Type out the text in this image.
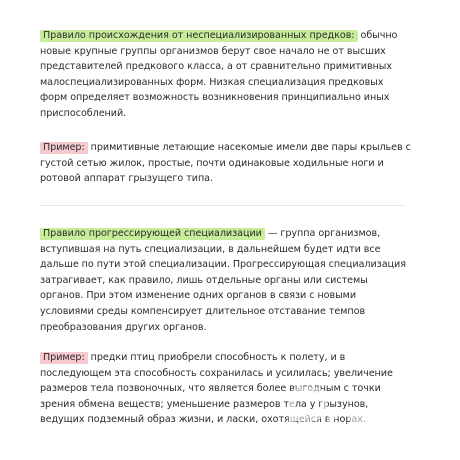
Правило происхождения от неспециализированных предков: обычно новые крупные группы организмов берут свое начало не от высших представителей предкового класса, а от сравнительно примитивных малоспециализированных форм. Низкая специализация предковых форм определяет возможность возникновения принципиально иных приспособлений.

Пример: примитивные летающие насекомые имели две пары крыльев с густой сетью жилок, простые, почти одинаковые ходильные ноги и ротовой аппарат грызущего типа.

Правило прогрессирующей специализации — группа организмов, вступившая на путь специализации, в дальнейшем будет идти все дальше по пути этой специализации. Прогрессирующая специализация затрагивает, как правило, лишь отдельные органы или системы органов. При этом изменение одних органов в связи с новыми условиями среды компенсирует длительное отставание темпов преобразования других органов.

Пример: предки птиц приобрели способность к полету, и в последующем эта способность сохранилась и усилилась; увеличение размеров тела позвоночных, что является более выгодным с точки зрения обмена веществ; уменьшение размеров тела у грызунов, ведущих подземный образ жизни, и ласки, охотящейся в норах.
